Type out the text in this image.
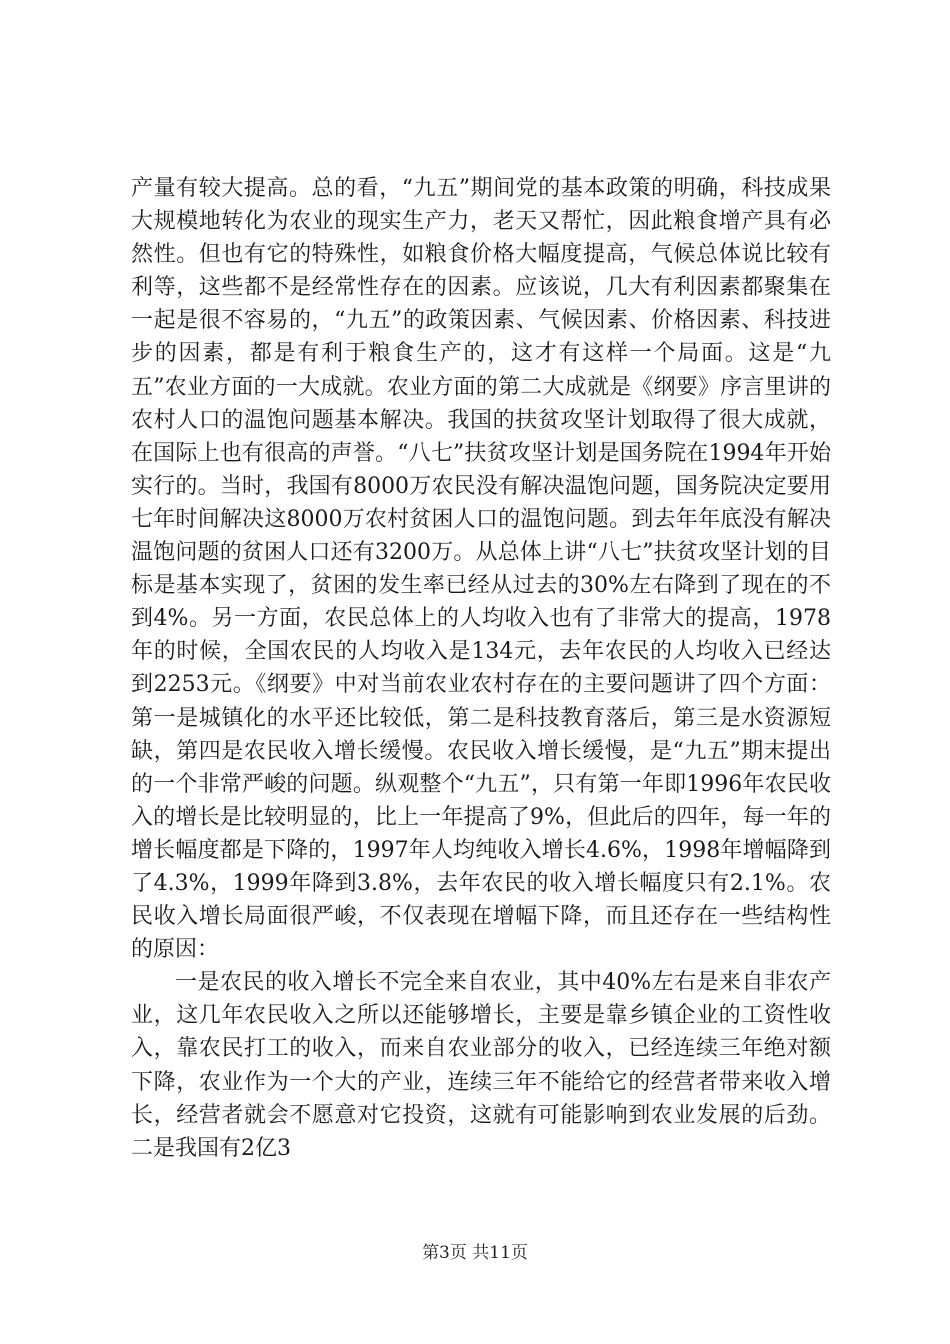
产量有较大提高。总的看，“九五”期间党的基本政策的明确，科技成果大规模地转化为农业的现实生产力，老天又帮忙，因此粮食增产具有必然性。但也有它的特殊性，如粮食价格大幅度提高，气候总体说比较有利等，这些都不是经常性存在的因素。应该说，几大有利因素都聚集在一起是很不容易的，“九五”的政策因素、气候因素、价格因素、科技进步的因素，都是有利于粮食生产的，这才有这样一个局面。这是“九五”农业方面的一大成就。农业方面的第二大成就是《纲要》序言里讲的农村人口的温饱问题基本解决。我国的扶贫攻坚计划取得了很大成就，在国际上也有很高的声誉。“八七”扶贫攻坚计划是国务院在1994年开始实行的。当时，我国有8000万农民没有解决温饱问题，国务院决定要用七年时间解决这8000万农村贫困人口的温饱问题。到去年年底没有解决温饱问题的贫困人口还有3200万。从总体上讲“八七”扶贫攻坚计划的目标是基本实现了，贫困的发生率已经从过去的30%左右降到了现在的不到4%。另一方面，农民总体上的人均收入也有了非常大的提高，1978年的时候，全国农民的人均收入是134元，去年农民的人均收入已经达到2253元。《纲要》中对当前农业农村存在的主要问题讲了四个方面：第一是城镇化的水平还比较低，第二是科技教育落后，第三是水资源短缺，第四是农民收入增长缓慢。农民收入增长缓慢，是“九五”期末提出的一个非常严峻的问题。纵观整个“九五”，只有第一年即1996年农民收入的增长是比较明显的，比上一年提高了9%，但此后的四年，每一年的增长幅度都是下降的，1997年人均纯收入增长4.6%，1998年增幅降到了4.3%，1999年降到3.8%，去年农民的收入增长幅度只有2.1%。农民收入增长局面很严峻，不仅表现在增幅下降，而且还存在一些结构性的原因：

一是农民的收入增长不完全来自农业，其中40%左右是来自非农产业，这几年农民收入之所以还能够增长，主要是靠乡镇企业的工资性收入，靠农民打工的收入，而来自农业部分的收入，已经连续三年绝对额下降，农业作为一个大的产业，连续三年不能给它的经营者带来收入增长，经营者就会不愿意对它投资，这就有可能影响到农业发展的后劲。二是我国有2亿3

第3页 共11页
